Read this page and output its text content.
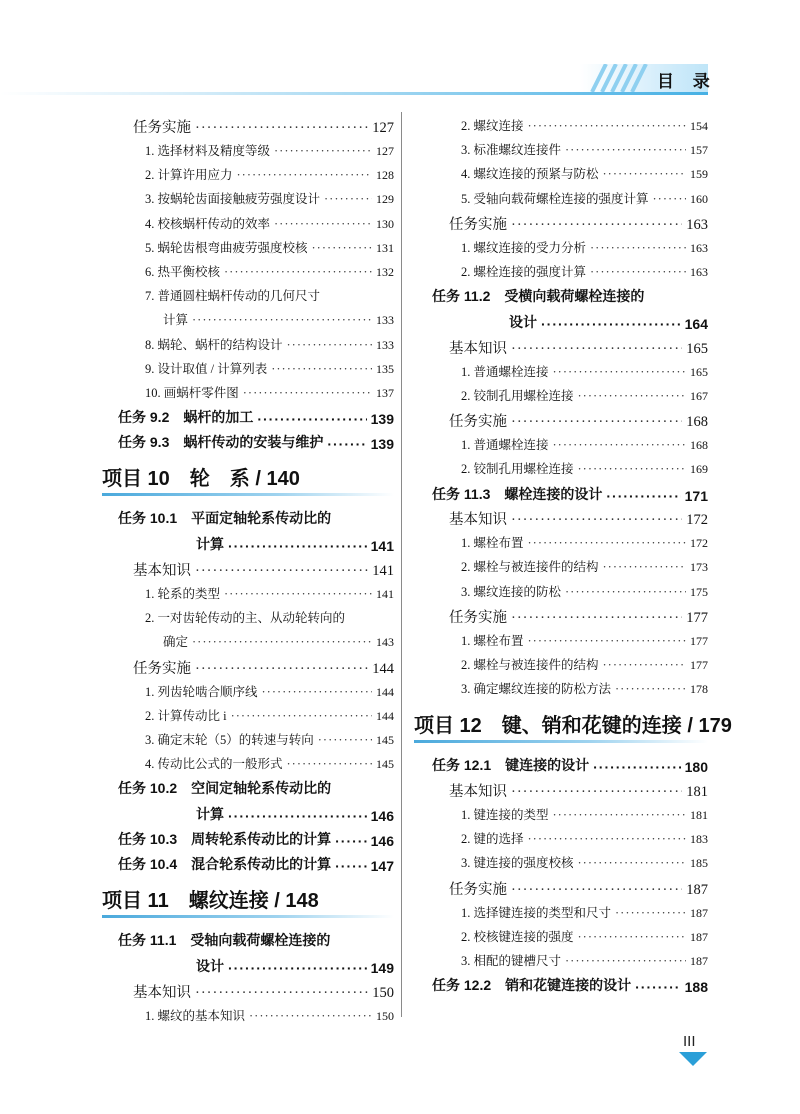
目 录
任务实施 ·····	127
1. 选择材料及精度等级 ·····	127
2. 计算许用应力 ·····	128
3. 按蜗轮齿面接触疲劳强度设计 ·····	129
4. 校核蜗杆传动的效率 ·····	130
5. 蜗轮齿根弯曲疲劳强度校核 ·····	131
6. 热平衡校核 ·····	132
7. 普通圆柱蜗杆传动的几何尺寸
计算 ·····	133
8. 蜗轮、蜗杆的结构设计 ·····	133
9. 设计取值 / 计算列表 ·····	135
10. 画蜗杆零件图 ·····	137
任务 9.2　蜗杆的加工 ·····	139
任务 9.3　蜗杆传动的安装与维护 ·····	139
项目 10　轮　系 / 140
任务 10.1　平面定轴轮系传动比的
计算 ·····	141
基本知识 ·····	141
1. 轮系的类型 ·····	141
2. 一对齿轮传动的主、从动轮转向的
确定 ·····	143
任务实施 ·····	144
1. 列齿轮啮合顺序线 ·····	144
2. 计算传动比 i ·····	144
3. 确定末轮（5）的转速与转向 ·····	145
4. 传动比公式的一般形式 ·····	145
任务 10.2　空间定轴轮系传动比的
计算 ·····	146
任务 10.3　周转轮系传动比的计算 ·····	146
任务 10.4　混合轮系传动比的计算 ·····	147
项目 11　螺纹连接 / 148
任务 11.1　受轴向载荷螺栓连接的
设计 ·····	149
基本知识 ·····	150
1. 螺纹的基本知识 ·····	150
2. 螺纹连接 ·····	154
3. 标准螺纹连接件 ·····	157
4. 螺纹连接的预紧与防松 ·····	159
5. 受轴向载荷螺栓连接的强度计算 ·····	160
任务实施 ·····	163
1. 螺纹连接的受力分析 ·····	163
2. 螺栓连接的强度计算 ·····	163
任务 11.2　受横向载荷螺栓连接的
设计 ·····	164
基本知识 ·····	165
1. 普通螺栓连接 ·····	165
2. 铰制孔用螺栓连接 ·····	167
任务实施 ·····	168
1. 普通螺栓连接 ·····	168
2. 铰制孔用螺栓连接 ·····	169
任务 11.3　螺栓连接的设计 ·····	171
基本知识 ·····	172
1. 螺栓布置 ·····	172
2. 螺栓与被连接件的结构 ·····	173
3. 螺纹连接的防松 ·····	175
任务实施 ·····	177
1. 螺栓布置 ·····	177
2. 螺栓与被连接件的结构 ·····	177
3. 确定螺纹连接的防松方法 ·····	178
项目 12　键、销和花键的连接 / 179
任务 12.1　键连接的设计 ·····	180
基本知识 ·····	181
1. 键连接的类型 ·····	181
2. 键的选择 ·····	183
3. 键连接的强度校核 ·····	185
任务实施 ·····	187
1. 选择键连接的类型和尺寸 ·····	187
2. 校核键连接的强度 ·····	187
3. 相配的键槽尺寸 ·····	187
任务 12.2　销和花键连接的设计 ·····	188
III
